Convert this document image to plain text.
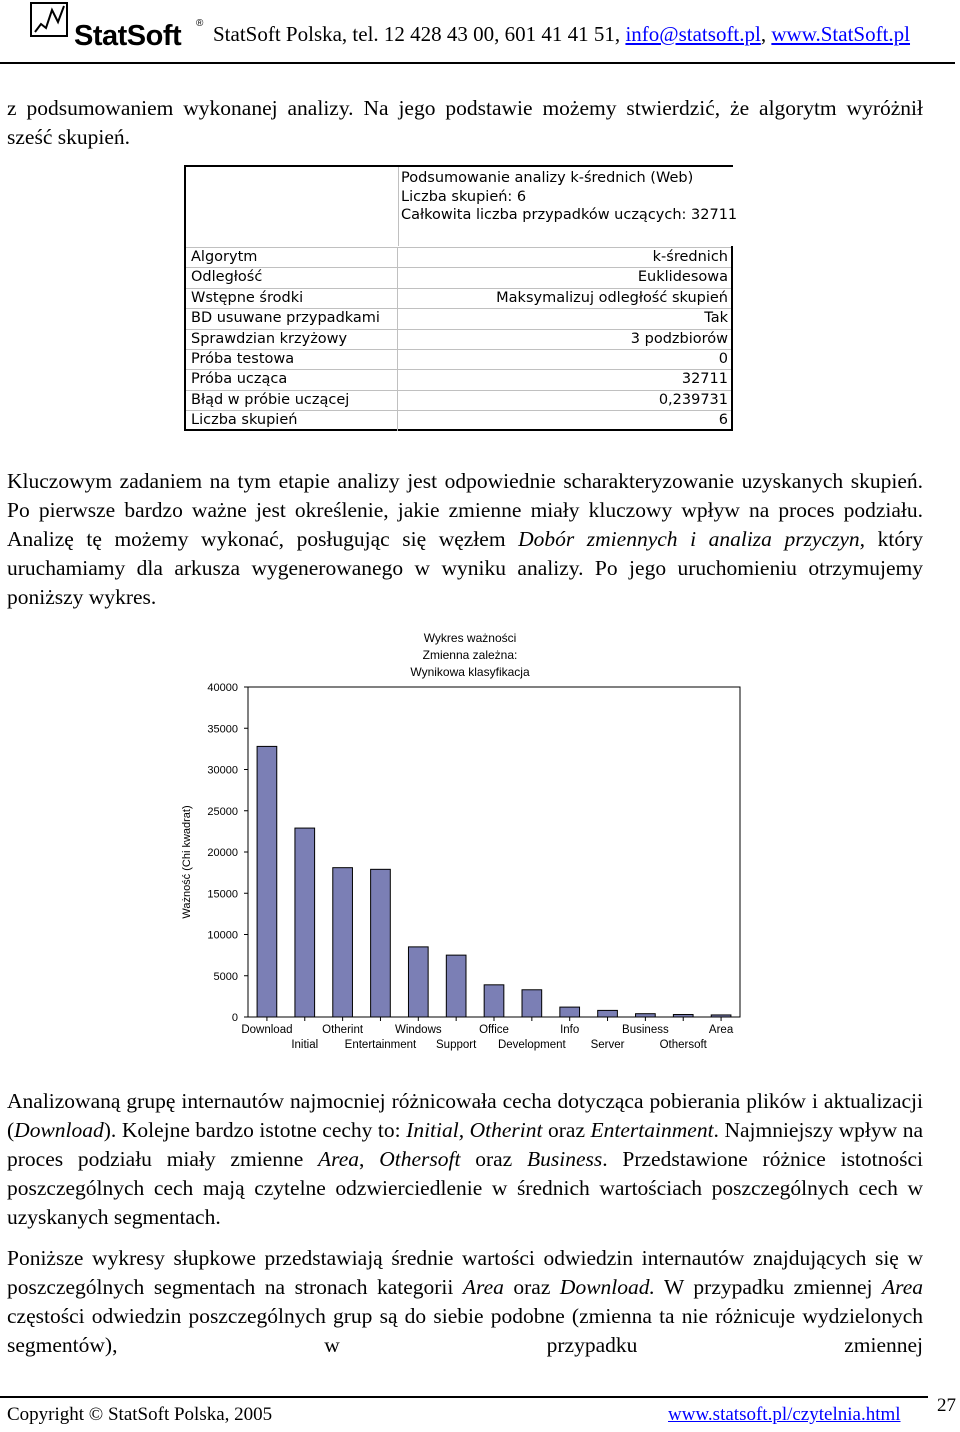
StatSoft ® StatSoft Polska, tel. 12 428 43 00, 601 41 41 51, info@statsoft.pl, www.StatSoft.pl

z podsumowaniem wykonanej analizy. Na jego podstawie możemy stwierdzić, że algorytm wyróżnił sześć skupień.

Podsumowanie analizy k-średnich (Web)
Liczba skupień: 6
Całkowita liczba przypadków uczących: 32711
Algorytm	k-średnich
Odległość	Euklidesowa
Wstępne środki	Maksymalizuj odległość skupień
BD usuwane przypadkami	Tak
Sprawdzian krzyżowy	3 podzbiorów
Próba testowa	0
Próba ucząca	32711
Błąd w próbie uczącej	0,239731
Liczba skupień	6

Kluczowym zadaniem na tym etapie analizy jest odpowiednie scharakteryzowanie uzyskanych skupień. Po pierwsze bardzo ważne jest określenie, jakie zmienne miały kluczowy wpływ na proces podziału. Analizę tę możemy wykonać, posługując się węzłem Dobór zmiennych i analiza przyczyn, który uruchamiamy dla arkusza wygenerowanego w wyniku analizy. Po jego uruchomieniu otrzymujemy poniższy wykres.

Wykres ważności
Zmienna zależna:
Wynikowa klasyfikacja
0
5000
10000
15000
20000
25000
30000
35000
40000
Ważność (Chi kwadrat)
Download
Initial
Otherint
Entertainment
Windows
Support
Office
Development
Info
Server
Business
Othersoft
Area

Analizowaną grupę internautów najmocniej różnicowała cecha dotycząca pobierania plików i aktualizacji (Download). Kolejne bardzo istotne cechy to: Initial, Otherint oraz Entertainment. Najmniejszy wpływ na proces podziału miały zmienne Area, Othersoft oraz Business. Przedstawione różnice istotności poszczególnych cech mają czytelne odzwierciedlenie w średnich wartościach poszczególnych cech w uzyskanych segmentach.

Poniższe wykresy słupkowe przedstawiają średnie wartości odwiedzin internautów znajdujących się w poszczególnych segmentach na stronach kategorii Area oraz Download. W przypadku zmiennej Area częstości odwiedzin poszczególnych grup są do siebie podobne (zmienna ta nie różnicuje wydzielonych segmentów), w przypadku zmiennej

Copyright © StatSoft Polska, 2005	www.statsoft.pl/czytelnia.html 27
